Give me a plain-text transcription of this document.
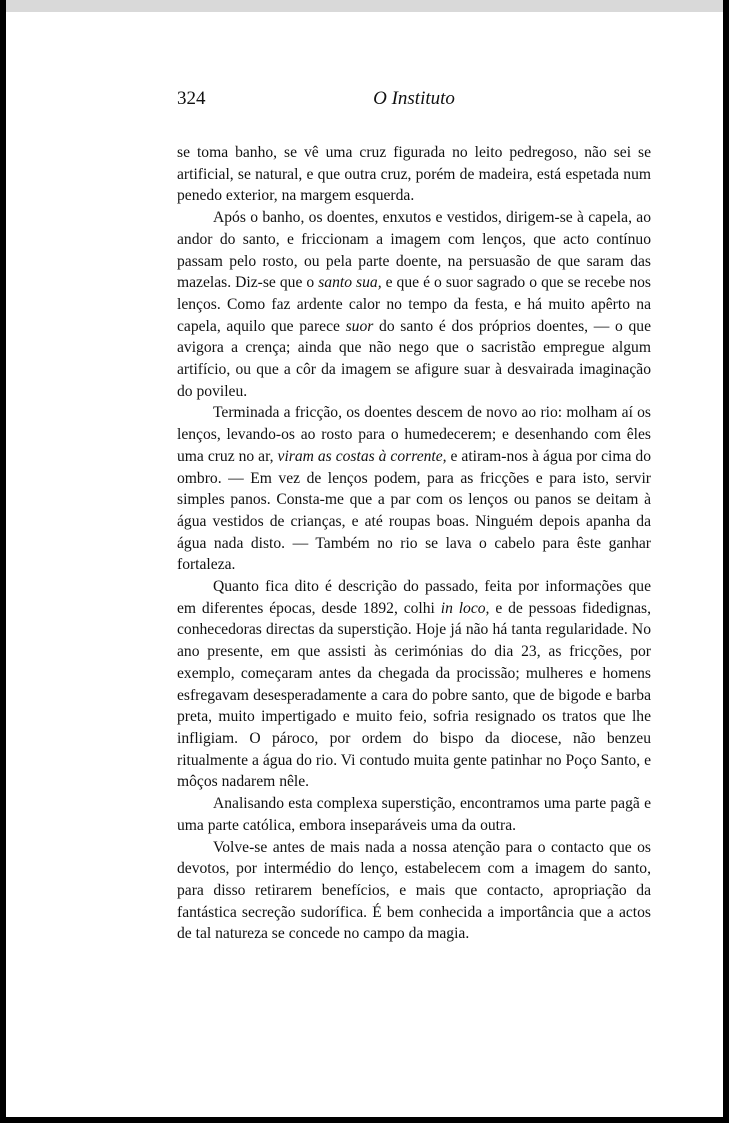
O Instituto
324

se toma banho, se vê uma cruz figurada no leito pedregoso, não sei se artificial, se natural, e que outra cruz, porém de madeira, está espetada num penedo exterior, na margem esquerda.

Após o banho, os doentes, enxutos e vestidos, dirigem-se à capela, ao andor do santo, e friccionam a imagem com lenços, que acto contínuo passam pelo rosto, ou pela parte doente, na persuasão de que saram das mazelas. Diz-se que o santo sua, e que é o suor sagrado o que se recebe nos lenços. Como faz ardente calor no tempo da festa, e há muito apêrto na capela, aquilo que parece suor do santo é dos próprios doentes, — o que avigora a crença; ainda que não nego que o sacristão empregue algum artifício, ou que a côr da imagem se afigure suar à desvairada imaginação do povileu.

Terminada a fricção, os doentes descem de novo ao rio: molham aí os lenços, levando-os ao rosto para o humedecerem; e desenhando com êles uma cruz no ar, viram as costas à corrente, e atiram-nos à água por cima do ombro. — Em vez de lenços podem, para as fricções e para isto, servir simples panos. Consta-me que a par com os lenços ou panos se deitam à água vestidos de crianças, e até roupas boas. Ninguém depois apanha da água nada disto. — Também no rio se lava o cabelo para êste ganhar fortaleza.

Quanto fica dito é descrição do passado, feita por informações que em diferentes épocas, desde 1892, colhi in loco, e de pessoas fidedignas, conhecedoras directas da superstição. Hoje já não há tanta regularidade. No ano presente, em que assisti às cerimónias do dia 23, as fricções, por exemplo, começaram antes da chegada da procissão; mulheres e homens esfregavam desesperadamente a cara do pobre santo, que de bigode e barba preta, muito impertigado e muito feio, sofria resignado os tratos que lhe infligiam. O pároco, por ordem do bispo da diocese, não benzeu ritualmente a água do rio. Vi contudo muita gente patinhar no Poço Santo, e môços nadarem nêle.

Analisando esta complexa superstição, encontramos uma parte pagã e uma parte católica, embora inseparáveis uma da outra.

Volve-se antes de mais nada a nossa atenção para o contacto que os devotos, por intermédio do lenço, estabelecem com a imagem do santo, para disso retirarem benefícios, e mais que contacto, apropriação da fantástica secreção sudorífica. É bem conhecida a importância que a actos de tal natureza se concede no campo da magia.
